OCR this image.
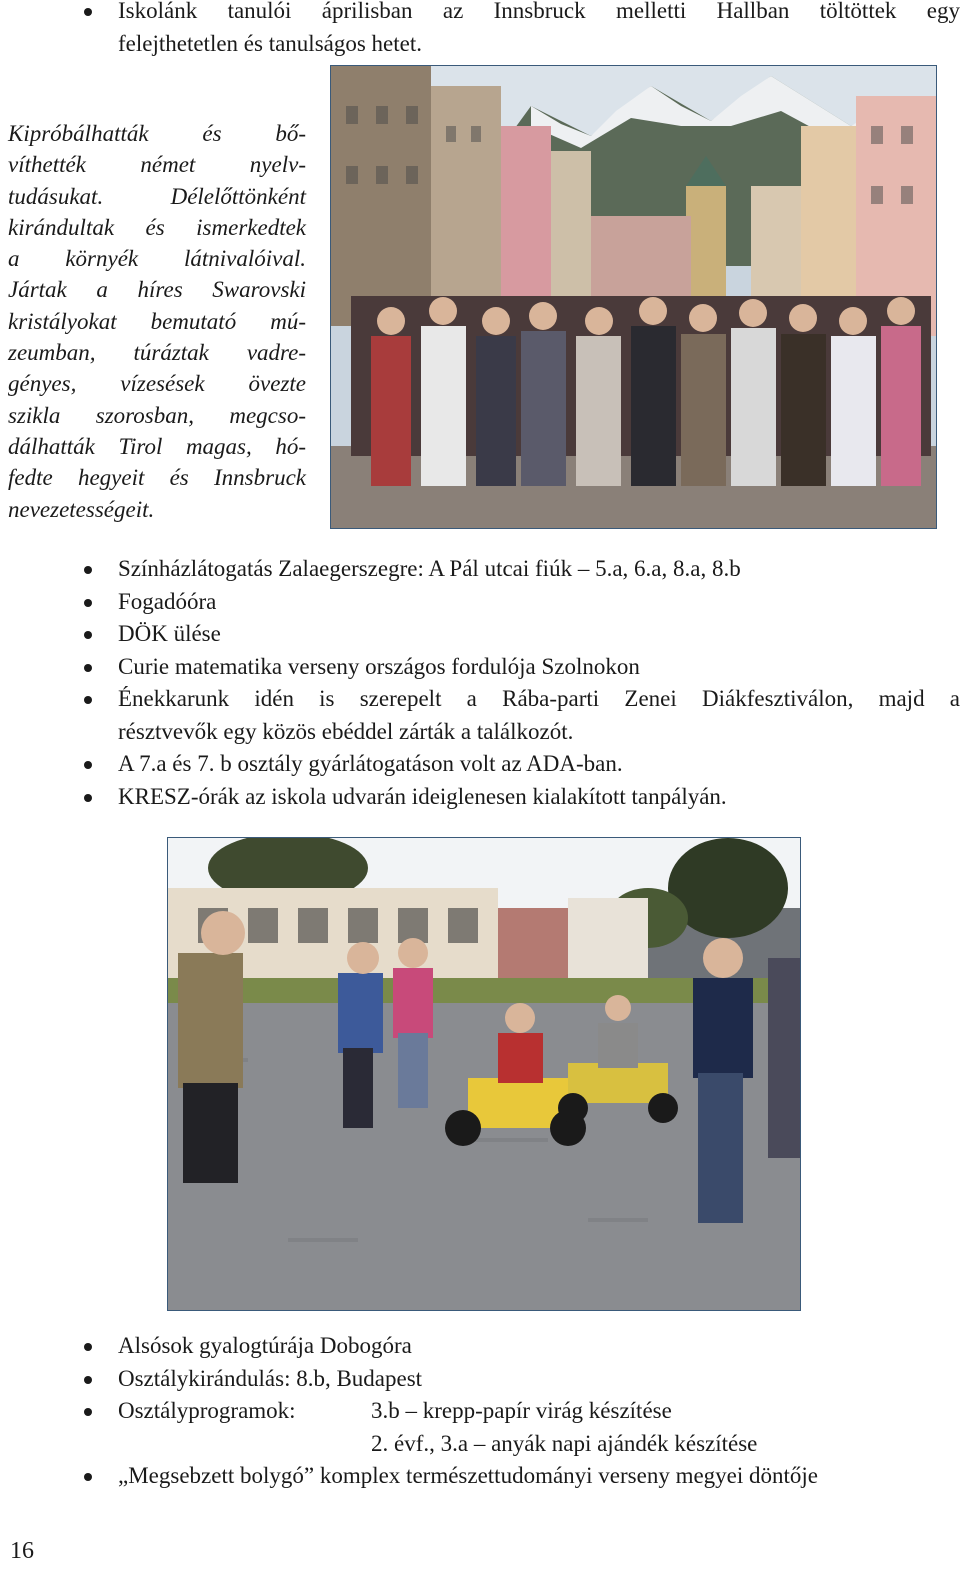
Iskolánk tanulói áprilisban az Innsbruck melletti Hallban töltöttek egy
felejthetetlen és tanulságos hetet.
Kipróbálhatták és bő-
víthették német nyelv-
tudásukat. Délelőttönként
kirándultak és ismerkedtek
a környék látnivalóival.
Jártak a híres Swarovski
kristályokat bemutató mú-
zeumban, túráztak vadre-
gényes, vízesések övezte
szikla szorosban, megcso-
dálhatták Tirol magas, hó-
fedte hegyeit és Innsbruck
nevezetességeit.
Színházlátogatás Zalaegerszegre: A Pál utcai fiúk – 5.a, 6.a, 8.a, 8.b
Fogadóóra
DÖK ülése
Curie matematika verseny országos fordulója Szolnokon
Énekkarunk idén is szerepelt a Rába-parti Zenei Diákfesztiválon, majd a
résztvevők egy közös ebéddel zárták a találkozót.
A 7.a és 7. b osztály gyárlátogatáson volt az ADA-ban.
KRESZ-órák az iskola udvarán ideiglenesen kialakított tanpályán.
Alsósok gyalogtúrája Dobogóra
Osztálykirándulás: 8.b, Budapest
Osztályprogramok:	3.b – krepp-papír virág készítése
2. évf., 3.a – anyák napi ajándék készítése
„Megsebzett bolygó” komplex természettudományi verseny megyei döntője
16
